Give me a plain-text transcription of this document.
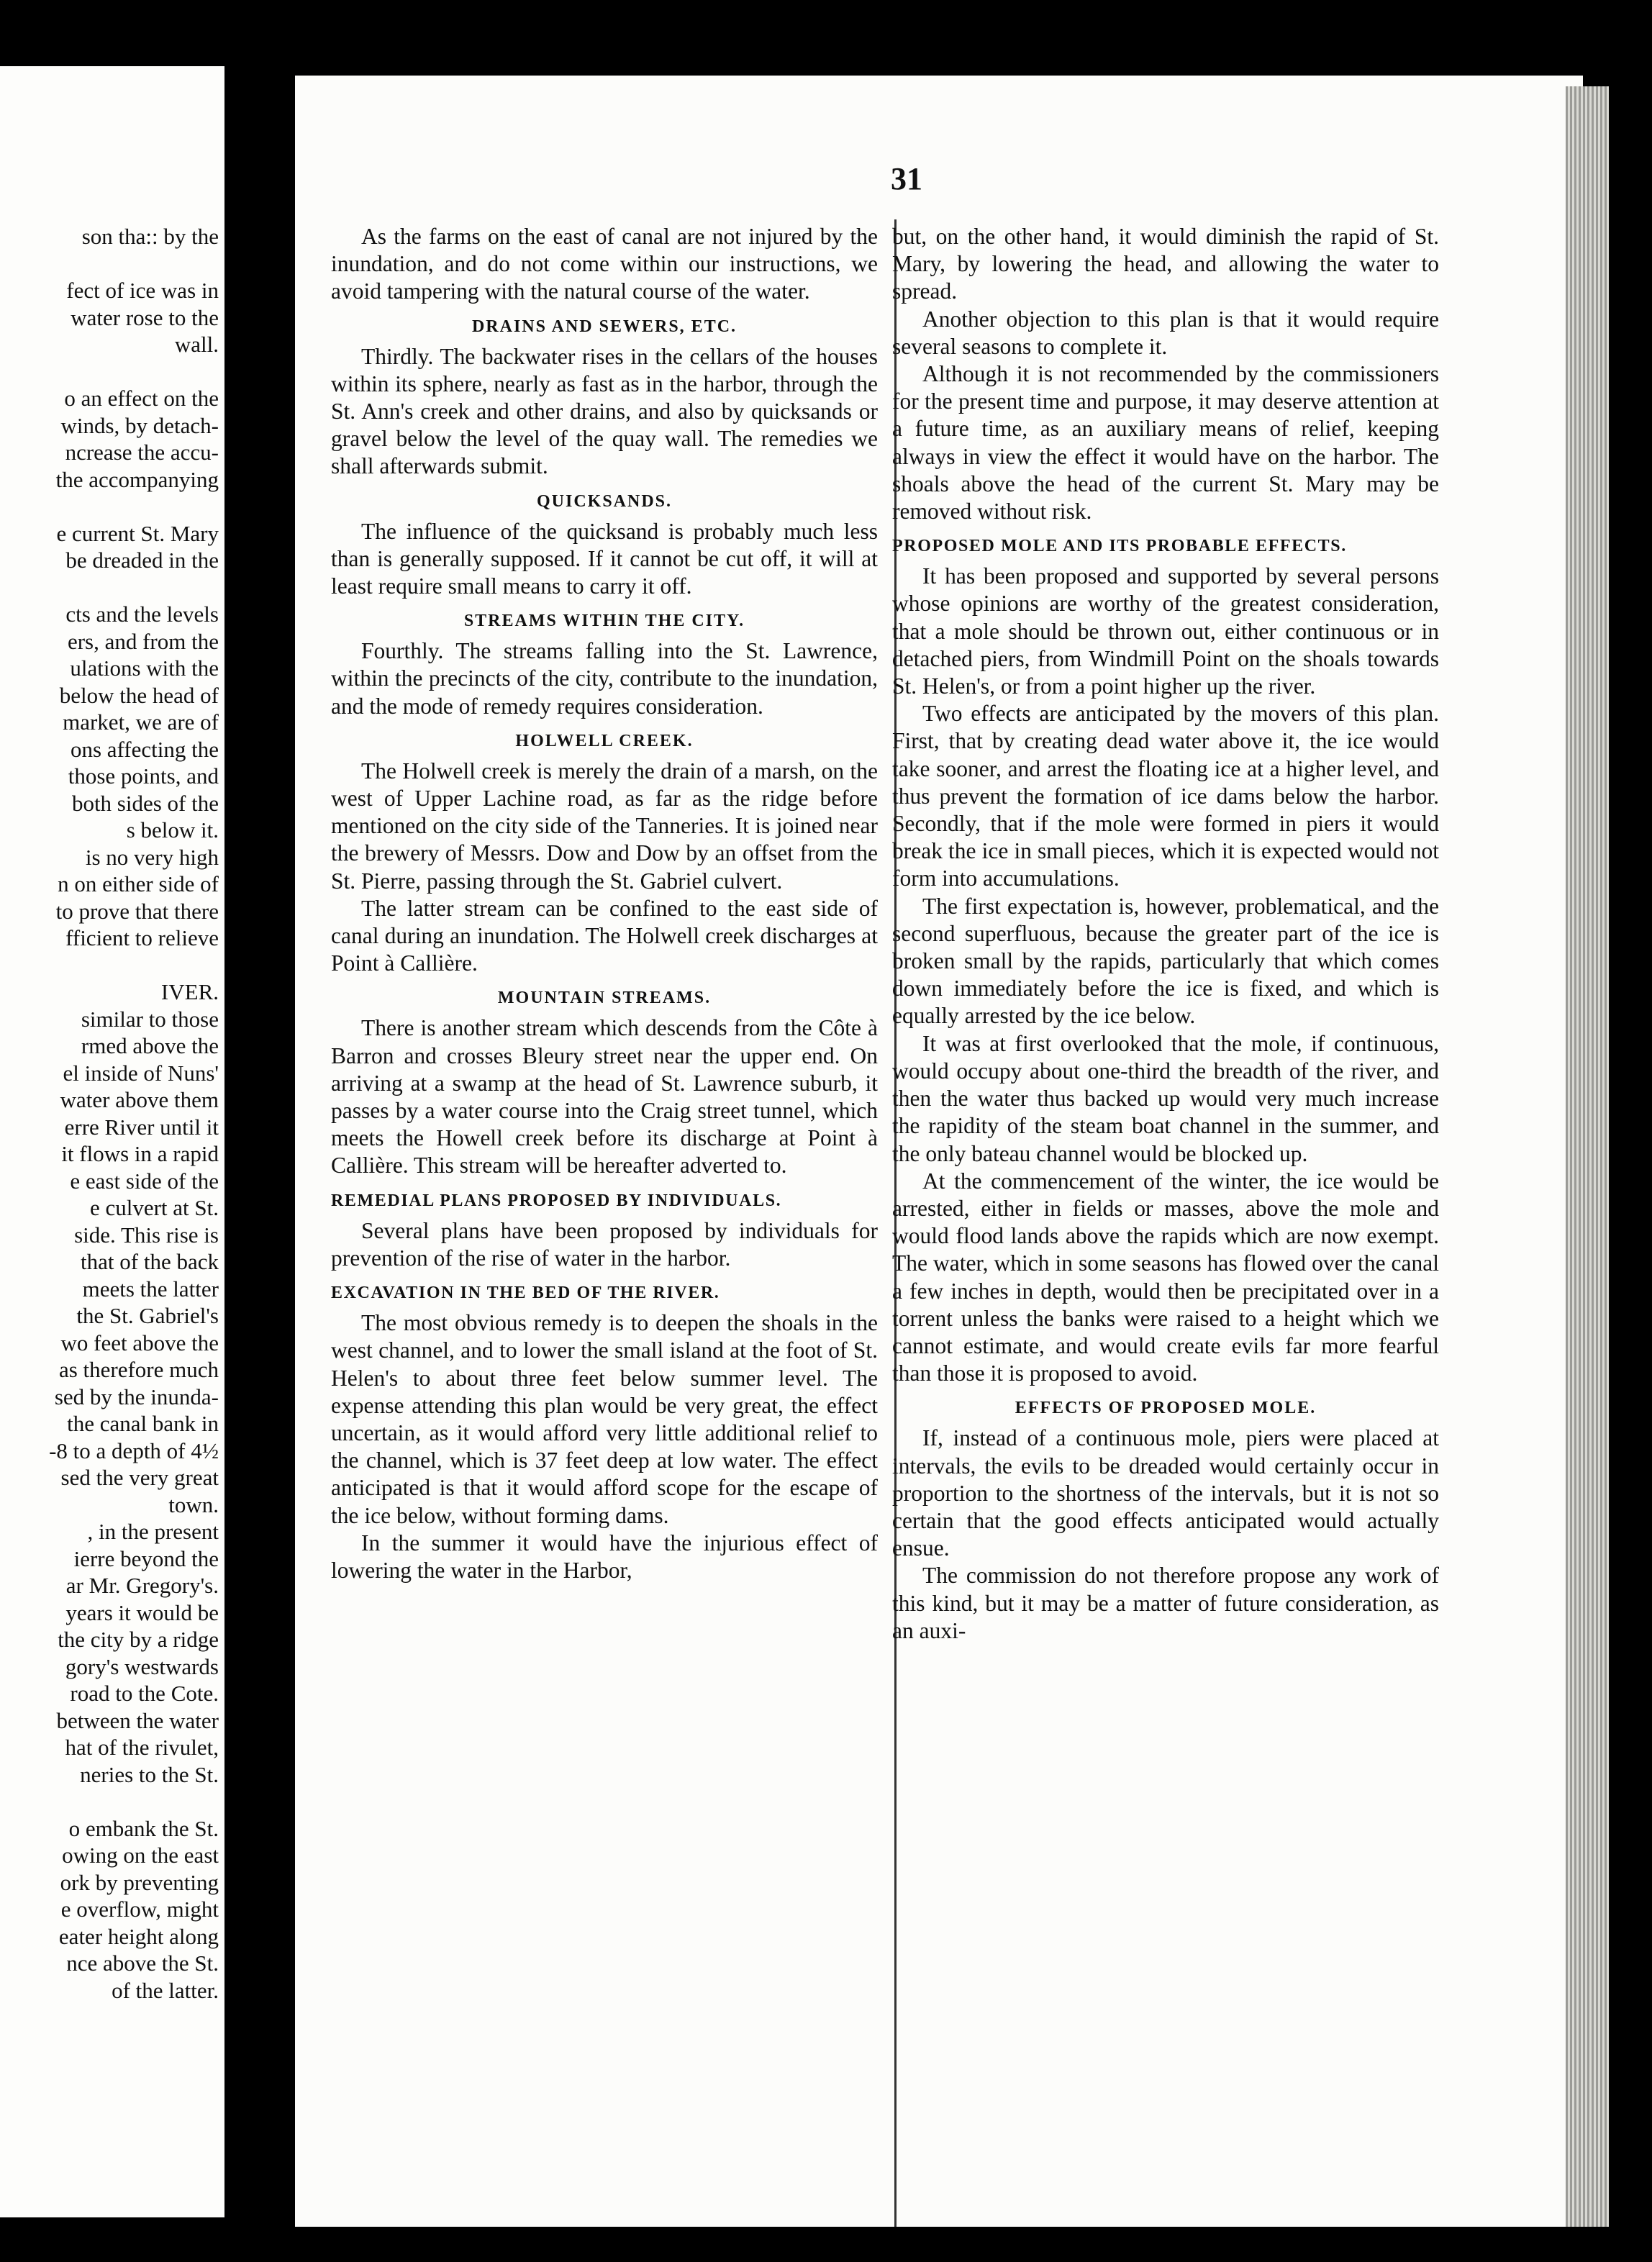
son tha:: by the
fect of ice was in
water rose to the
wall.
o an effect on the
winds, by detach-
ncrease the accu-
the accompanying
e current St. Mary
be dreaded in the
cts and the levels
ers, and from the
ulations with the
below the head of
market, we are of
ons affecting the
those points, and
both sides of the
s below it.
is no very high
n on either side of
to prove that there
fficient to relieve
IVER.
similar to those
rmed above the
el inside of Nuns'
water above them
erre River until it
it flows in a rapid
e east side of the
e culvert at St.
side. This rise is
that of the back
meets the latter
the St. Gabriel's
wo feet above the
as therefore much
sed by the inunda-
the canal bank in
-8 to a depth of 4½
sed the very great
town.
, in the present
ierre beyond the
ar Mr. Gregory's.
years it would be
the city by a ridge
gory's westwards
road to the Cote.
between the water
hat of the rivulet,
neries to the St.
o embank the St.
owing on the east
ork by preventing
e overflow, might
eater height along
nce above the St.
of the latter.
31

As the farms on the east of canal are not injured by the inundation, and do not come within our instructions, we avoid tampering with the natural course of the water.

DRAINS AND SEWERS, ETC.

Thirdly. The backwater rises in the cellars of the houses within its sphere, nearly as fast as in the harbor, through the St. Ann's creek and other drains, and also by quicksands or gravel below the level of the quay wall. The remedies we shall afterwards submit.

QUICKSANDS.

The influence of the quicksand is probably much less than is generally supposed. If it cannot be cut off, it will at least require small means to carry it off.

STREAMS WITHIN THE CITY.

Fourthly. The streams falling into the St. Lawrence, within the precincts of the city, contribute to the inundation, and the mode of remedy requires consideration.

HOLWELL CREEK.

The Holwell creek is merely the drain of a marsh, on the west of Upper Lachine road, as far as the ridge before mentioned on the city side of the Tanneries. It is joined near the brewery of Messrs. Dow and Dow by an offset from the St. Pierre, passing through the St. Gabriel culvert.

The latter stream can be confined to the east side of canal during an inundation. The Holwell creek discharges at Point à Callière.

MOUNTAIN STREAMS.

There is another stream which descends from the Côte à Barron and crosses Bleury street near the upper end. On arriving at a swamp at the head of St. Lawrence suburb, it passes by a water course into the Craig street tunnel, which meets the Howell creek before its discharge at Point à Callière. This stream will be hereafter adverted to.

REMEDIAL PLANS PROPOSED BY INDIVIDUALS.

Several plans have been proposed by individuals for prevention of the rise of water in the harbor.

EXCAVATION IN THE BED OF THE RIVER.

The most obvious remedy is to deepen the shoals in the west channel, and to lower the small island at the foot of St. Helen's to about three feet below summer level. The expense attending this plan would be very great, the effect uncertain, as it would afford very little additional relief to the channel, which is 37 feet deep at low water. The effect anticipated is that it would afford scope for the escape of the ice below, without forming dams.

In the summer it would have the injurious effect of lowering the water in the Harbor,

but, on the other hand, it would diminish the rapid of St. Mary, by lowering the head, and allowing the water to spread.

Another objection to this plan is that it would require several seasons to complete it.

Although it is not recommended by the commissioners for the present time and purpose, it may deserve attention at a future time, as an auxiliary means of relief, keeping always in view the effect it would have on the harbor. The shoals above the head of the current St. Mary may be removed without risk.

PROPOSED MOLE AND ITS PROBABLE EFFECTS.

It has been proposed and supported by several persons whose opinions are worthy of the greatest consideration, that a mole should be thrown out, either continuous or in detached piers, from Windmill Point on the shoals towards St. Helen's, or from a point higher up the river.

Two effects are anticipated by the movers of this plan. First, that by creating dead water above it, the ice would take sooner, and arrest the floating ice at a higher level, and thus prevent the formation of ice dams below the harbor. Secondly, that if the mole were formed in piers it would break the ice in small pieces, which it is expected would not form into accumulations.

The first expectation is, however, problematical, and the second superfluous, because the greater part of the ice is broken small by the rapids, particularly that which comes down immediately before the ice is fixed, and which is equally arrested by the ice below.

It was at first overlooked that the mole, if continuous, would occupy about one-third the breadth of the river, and then the water thus backed up would very much increase the rapidity of the steam boat channel in the summer, and the only bateau channel would be blocked up.

At the commencement of the winter, the ice would be arrested, either in fields or masses, above the mole and would flood lands above the rapids which are now exempt. The water, which in some seasons has flowed over the canal a few inches in depth, would then be precipitated over in a torrent unless the banks were raised to a height which we cannot estimate, and would create evils far more fearful than those it is proposed to avoid.

EFFECTS OF PROPOSED MOLE.

If, instead of a continuous mole, piers were placed at intervals, the evils to be dreaded would certainly occur in proportion to the shortness of the intervals, but it is not so certain that the good effects anticipated would actually ensue.

The commission do not therefore propose any work of this kind, but it may be a matter of future consideration, as an auxi-
